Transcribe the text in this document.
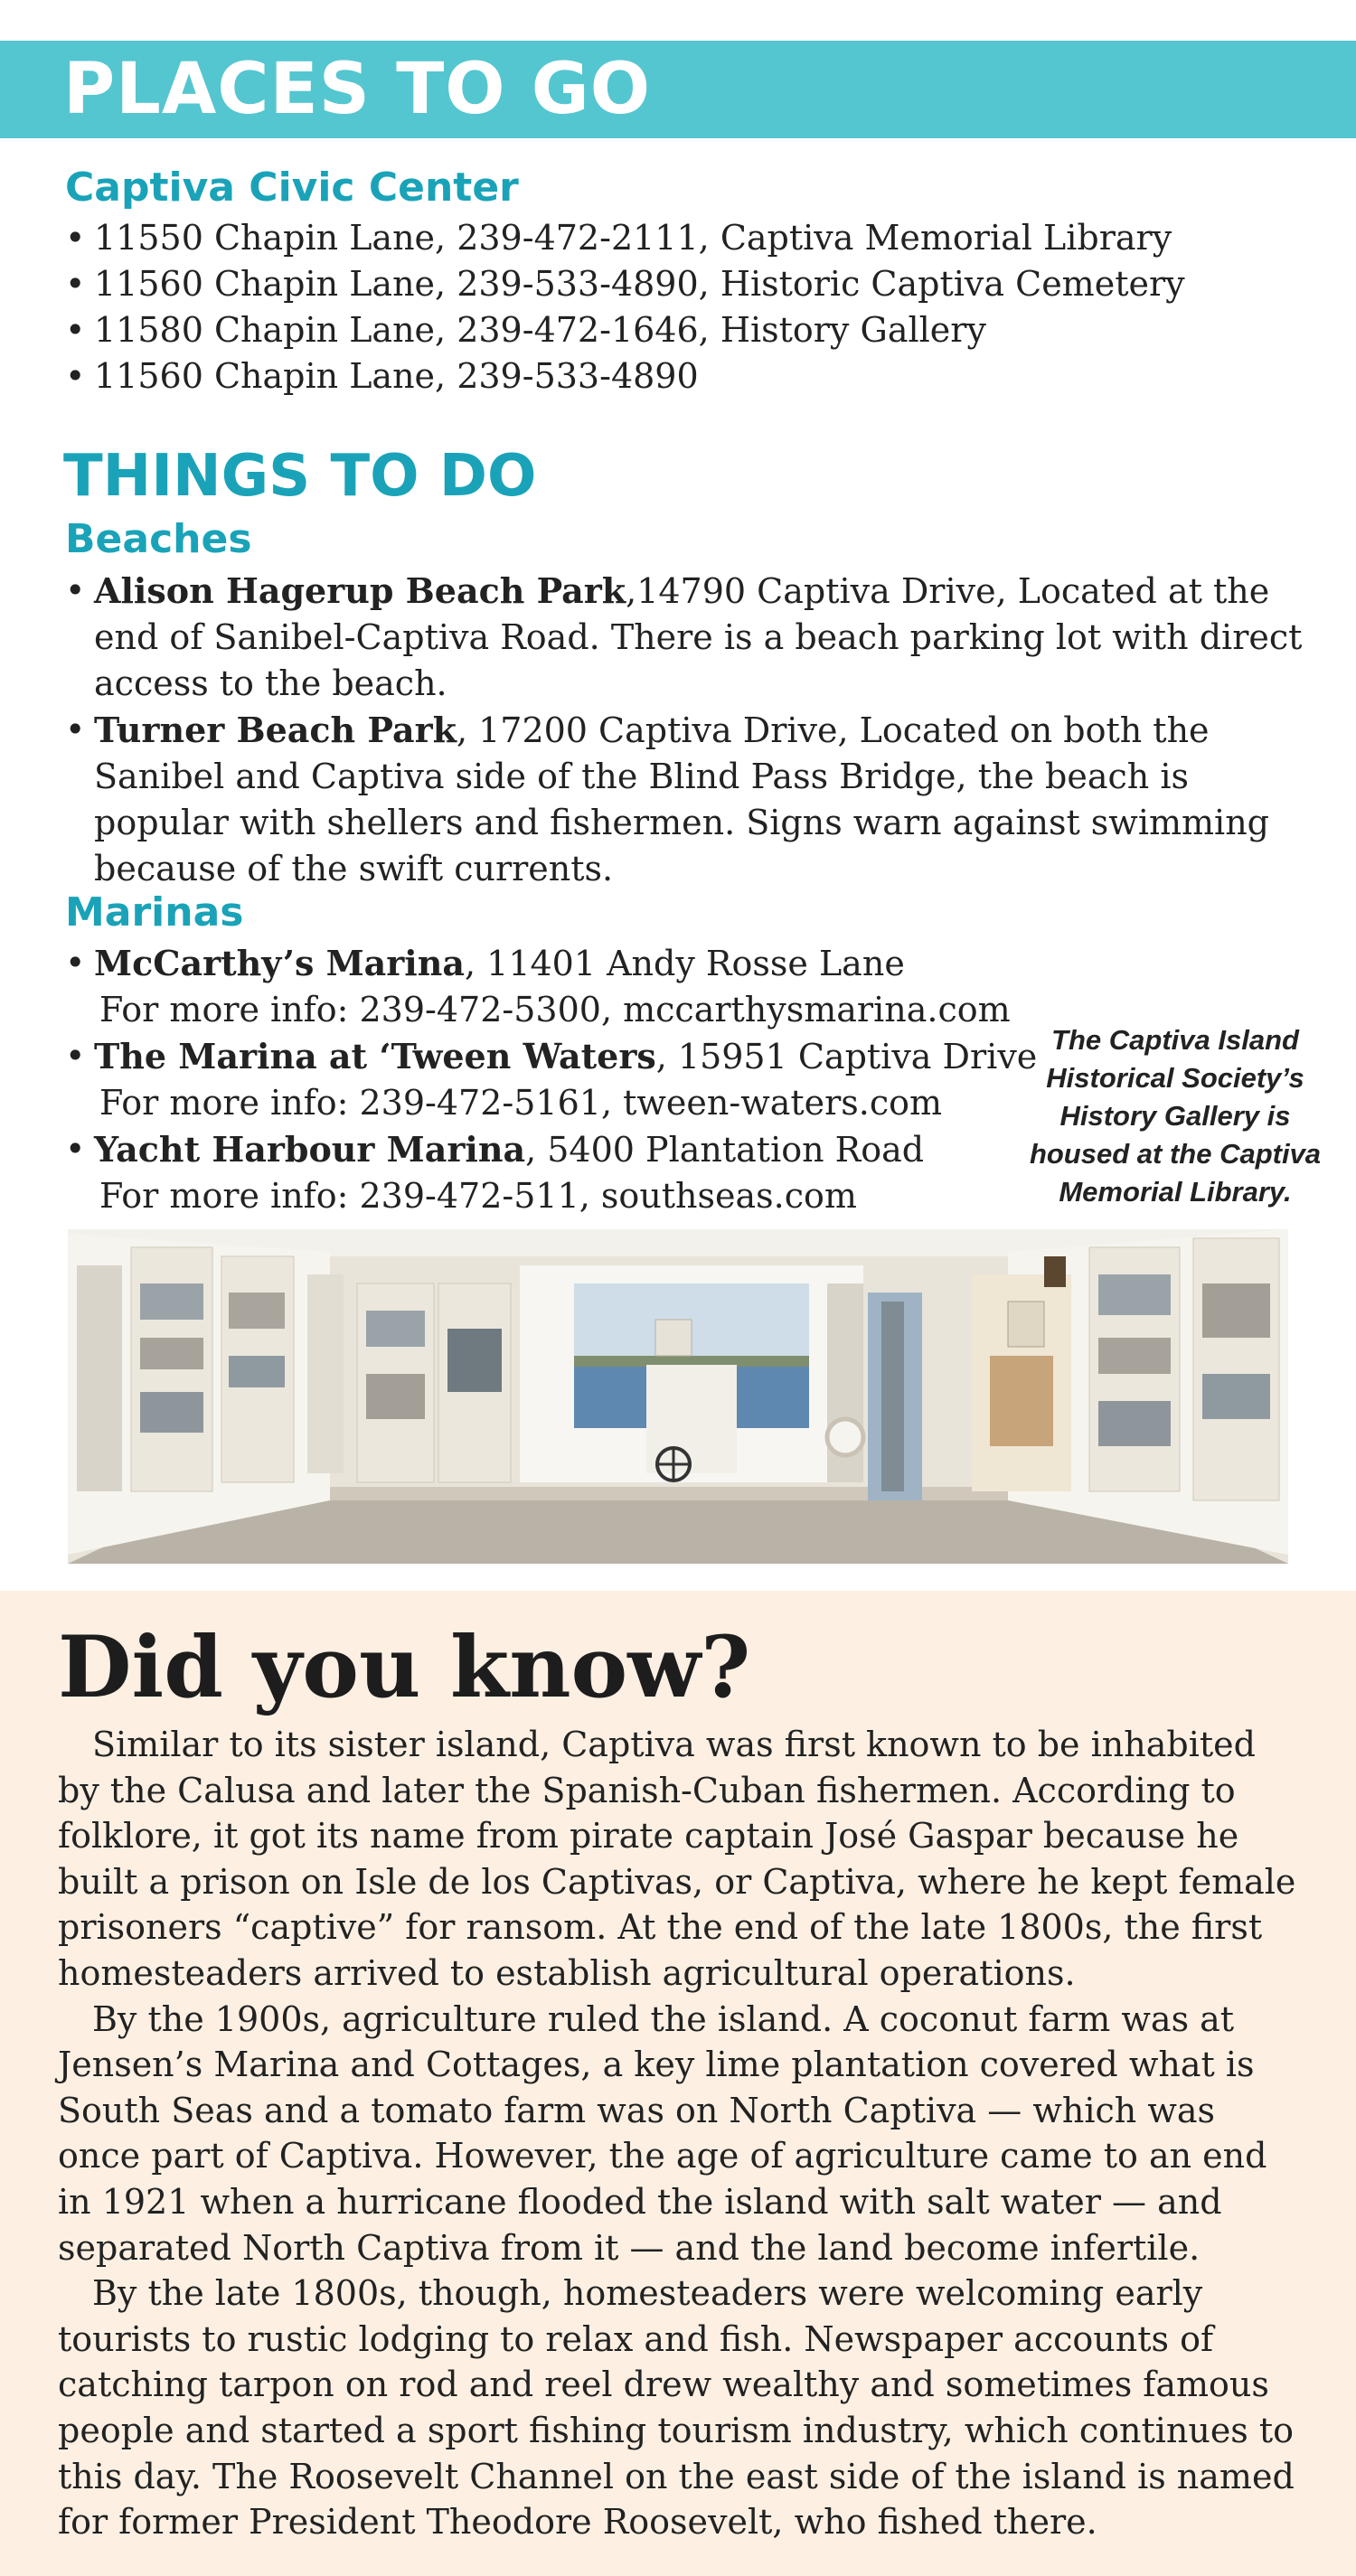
PLACES TO GO
Captiva Civic Center
• 11550 Chapin Lane, 239-472-2111, Captiva Memorial Library
• 11560 Chapin Lane, 239-533-4890, Historic Captiva Cemetery
• 11580 Chapin Lane, 239-472-1646, History Gallery
• 11560 Chapin Lane, 239-533-4890
THINGS TO DO
Beaches
• Alison Hagerup Beach Park,14790 Captiva Drive, Located at the end of Sanibel-Captiva Road. There is a beach parking lot with direct access to the beach.
• Turner Beach Park, 17200 Captiva Drive, Located on both the Sanibel and Captiva side of the Blind Pass Bridge, the beach is popular with shellers and fishermen. Signs warn against swimming because of the swift currents.
Marinas
• McCarthy’s Marina, 11401 Andy Rosse Lane
For more info: 239-472-5300, mccarthysmarina.com
• The Marina at ‘Tween Waters, 15951 Captiva Drive
For more info: 239-472-5161, tween-waters.com
• Yacht Harbour Marina, 5400 Plantation Road
For more info: 239-472-511, southseas.com
The Captiva Island Historical Society’s History Gallery is housed at the Captiva Memorial Library.
Did you know?

Similar to its sister island, Captiva was first known to be inhabited by the Calusa and later the Spanish-Cuban fishermen. According to folklore, it got its name from pirate captain José Gaspar because he built a prison on Isle de los Captivas, or Captiva, where he kept female prisoners “captive” for ransom. At the end of the late 1800s, the first homesteaders arrived to establish agricultural operations.

By the 1900s, agriculture ruled the island. A coconut farm was at Jensen’s Marina and Cottages, a key lime plantation covered what is South Seas and a tomato farm was on North Captiva — which was once part of Captiva. However, the age of agriculture came to an end in 1921 when a hurricane flooded the island with salt water — and separated North Captiva from it — and the land become infertile.

By the late 1800s, though, homesteaders were welcoming early tourists to rustic lodging to relax and fish. Newspaper accounts of catching tarpon on rod and reel drew wealthy and sometimes famous people and started a sport fishing tourism industry, which continues to this day. The Roosevelt Channel on the east side of the island is named for former President Theodore Roosevelt, who fished there.
